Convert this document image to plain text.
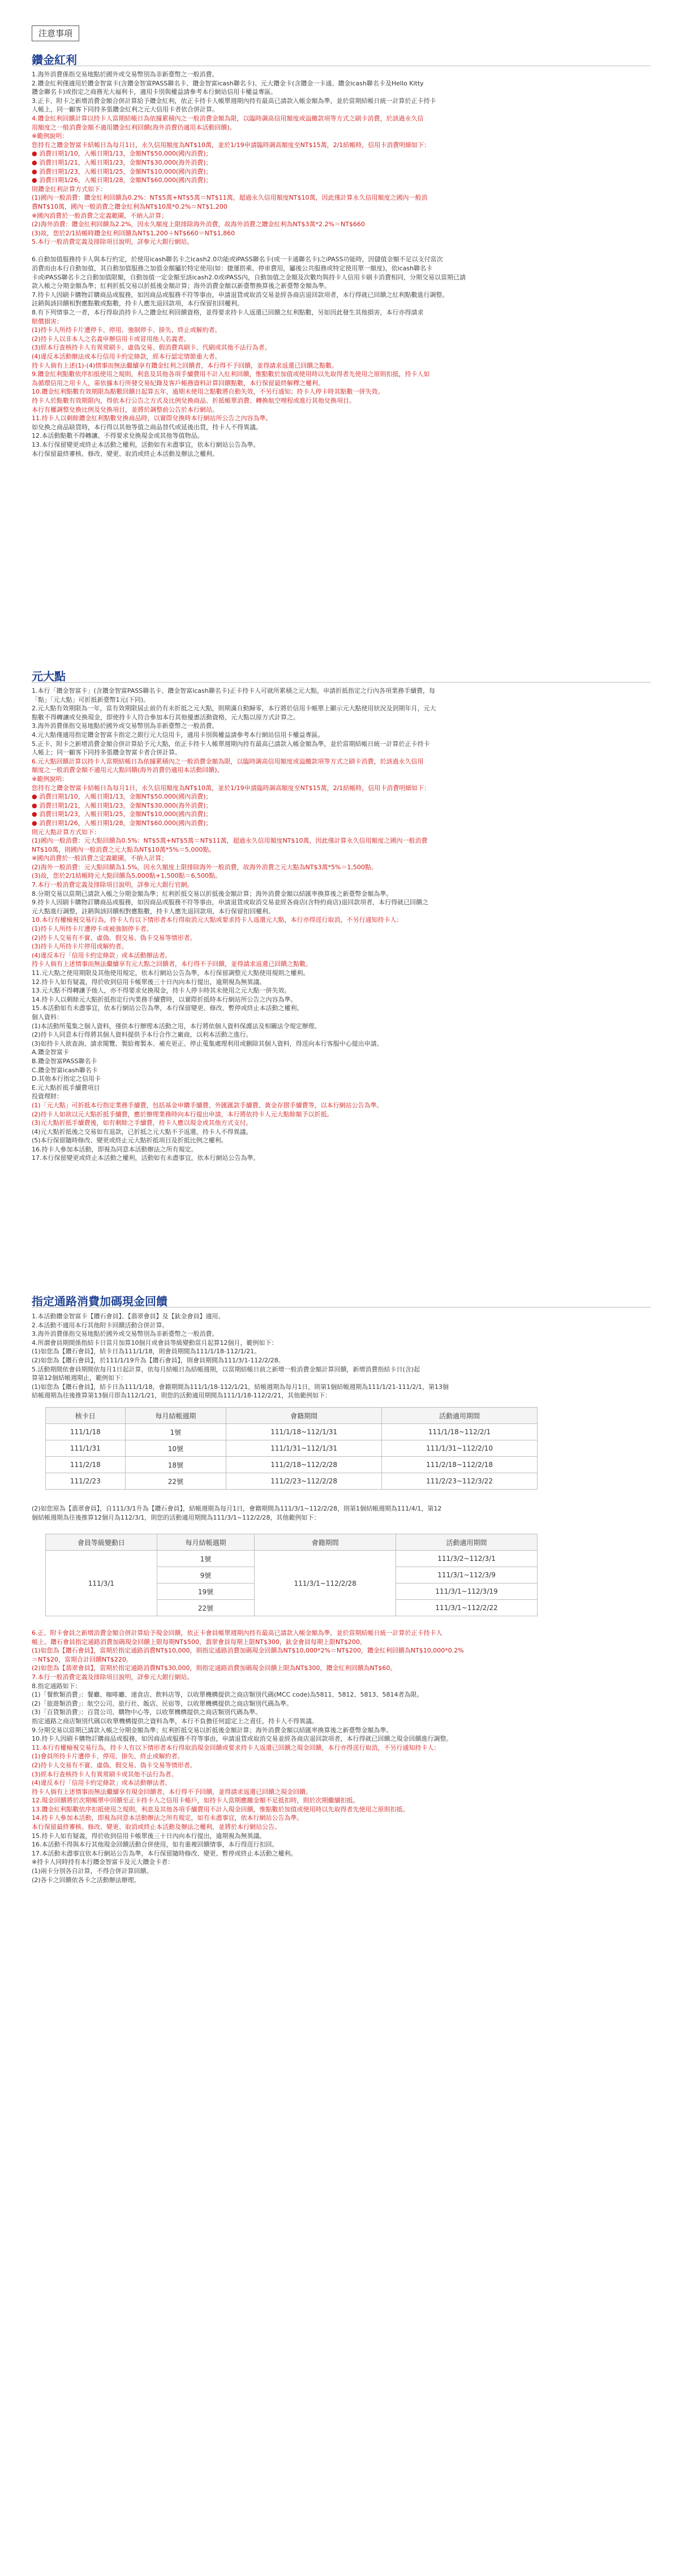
注意事項
鑽金紅利

1.海外消費係指交易地點於國外或交易幣別為非新臺幣之一般消費。

2.鑽金紅利僅適用於鑽金智富卡(含鑽金智富PASS聯名卡、鑽金智富icash聯名卡)、元大鑽金卡(含鑽金一卡通、鑽金icash聯名卡及Hello Kitty

鑽金聯名卡)或指定之商務光大福利卡，適用卡別與權益請參考本行網站信用卡權益專區。

3.正卡、附卡之新增消費金額合併計算給予鑽金紅利，依正卡持卡人帳單週期內持有最高已請款入帳金額為準，並於當期結帳日統一計算於正卡持卡

人帳上，同一顧客下同持多張鑽金紅利之元大信用卡者依合併計算。

4.鑽金紅利回饋計算以持卡人當期結帳日為依據累積內之一般消費金額為限，以臨時調高信用額度或溢繳款項等方式之刷卡消費，於該過永久信

用額度之一般消費金額不適用鑽金紅利回饋(海外消費仍適用本活動回饋)。

※範例說明：

您持有之鑽金智富卡結帳日為每月1日，永久信用額度為NT$10萬，並於1/19申請臨時調高額度至NT$15萬，2/1結帳時，信用卡消費明細如下：

● 消費日期1/10，入帳日期1/13，金額NT$50,000(國內消費)；

● 消費日期1/21，入帳日期1/23，金額NT$30,000(海外消費)；

● 消費日期1/23，入帳日期1/25，金額NT$10,000(國內消費)；

● 消費日期1/26，入帳日期1/28，金額NT$60,000(國內消費)；

則鑽金紅利計算方式如下：

(1)國內一般消費：鑽金紅利回饋為0.2%：NT$5萬+NT$5萬＝NT$11萬，超過永久信用額度NT$10萬，因此僅計算永久信用額度之國內一般消

費NT$10萬，國內一般消費之鑽金紅利為NT$10萬*0.2%＝NT$1,200

※國內消費於一般消費之定義範圍，不納入計算；

(2)海外消費：鑽金紅利回饋為2.2%，因永久額度上限排除海外消費，故海外消費之鑽金紅利為NT$3萬*2.2%＝NT$660

(3)故，您於2/1結帳時鑽金紅利回饋為NT$1,200＋NT$660＝NT$1,860

5.本行一般消費定義及排除項目說明，詳參元大銀行網站。

6.自動加值服務持卡人與本行約定，於使用icash聯名卡之icash2.0功能或iPASS聯名卡(或一卡通聯名卡)之iPASS功能時，因儲值金額不足以支付當次

消費而由本行自動加值，其自動加值服務之加值金額屬於特定使用(如：捷運搭乘、停車費用，屬後公共服務或特定使用單一額度)，依icash聯名卡

卡或iPASS聯名卡之自動加值限額，自動加值一定金額至該icash2.0或iPASS內，自動加值之金額及次數均與持卡人信用卡刷卡消費相同，分期交易以當期已請

款入帳之分期金額為準；紅利折抵交易以折抵後金額計算；海外消費金額以新臺幣換算後之新臺幣金額為準。

7.持卡人因刷卡購物訂購商品或服務，如因商品或服務不符等事由，申請退貨或取消交易並經各商店退回款項者，本行得就已回饋之紅利點數進行調整。

註銷與該回饋相對應點數或點數，持卡人應先退回款項，本行保留扣回權利。

8.有下列情事之一者，本行得取消持卡人之鑽金紅利回饋資格，並得要求持卡人返還已回饋之紅利點數，另如因此發生其他損害，本行亦得請求

賠償損害：

(1)持卡人所持卡片遭停卡、停用、強制停卡、掛失、終止或解約者。

(2)持卡人以非本人之名義申辦信用卡或冒用他人名義者。

(3)經本行查核持卡人有異常刷卡、虛偽交易、假消費真刷卡、代刷或其他不法行為者。

(4)違反本活動辦法或本行信用卡約定條款，經本行認定情節重大者。

持卡人倘有上述(1)-(4)情事而無法繼續享有鑽金紅利之回饋者，本行得不予回饋，並得請求返還已回饋之點數。

9.鑽金紅利點數依序扣抵使用之規則，利息及其他各項手續費用不計入紅利回饋，惟點數於加值或使用時以先取得者先使用之原則扣抵，持卡人如

為循環信用之用卡人，需依據本行所發交易紀錄及客戶帳務資料計算回饋點數，本行保留最終解釋之權利。

10.鑽金紅利點數有效期限為點數回饋日起算五年，逾期未使用之點數將自動失效，不另行通知；持卡人停卡時其點數一併失效。

持卡人於點數有效期限內，得依本行公告之方式及比例兌換商品、折抵帳單消費、轉換航空哩程或進行其他兌換項目。

本行有權調整兌換比例及兌換項目，並將於調整前公告於本行網站。

11.持卡人以剩餘鑽金紅利點數兌換商品時，以實際兌換時本行網站所公告之內容為準。

如兌換之商品缺貨時，本行得以其他等值之商品替代或延後出貨，持卡人不得異議。

12.本活動點數不得轉讓、不得要求兌換現金或其他等值物品。

13.本行保留變更或終止本活動之權利，活動如有未盡事宜，依本行網站公告為準。

本行保留最終審核、修改、變更、取消或終止本活動及辦法之權利。

元大點

1.本行「鑽金智富卡」(含鑽金智富PASS聯名卡、鑽金智富icash聯名卡)正卡持卡人可就所累積之元大點，申請折抵指定之行內各項業務手續費，每

「點」「元大點」可折抵新臺幣1元(下同)。

2.元大點有效期限為一年，當有效期限屆止前仍有未折抵之元大點，則期滿自動歸零，本行將於信用卡帳單上顯示元大點使用狀況及到期年月，元大

點數不得轉讓或兌換現金，即使持卡人符合參加本行其他優惠活動資格，元大點以原方式計算之。

3.海外消費係指交易地點於國外或交易幣別為非新臺幣之一般消費。

4.元大點僅適用指定鑽金智富卡指定之銀行元大信用卡，適用卡別與權益請參考本行網站信用卡權益專區。

5.正卡、附卡之新增消費金額合併計算給予元大點，依正卡持卡人帳單週期內持有最高已請款入帳金額為準，並於當期結帳日統一計算於正卡持卡

人帳上；同一顧客下同持多張鑽金智富卡者合併計算。

6.元大點回饋計算以持卡人當期結帳日為依據累積內之一般消費金額為限，以臨時調高信用額度或溢繳款項等方式之刷卡消費，於該過永久信用

額度之一般消費金額不適用元大點回饋(海外消費仍適用本活動回饋)。

※範例說明：

您持有之鑽金智富卡結帳日為每月1日，永久信用額度為NT$10萬，並於1/19申請臨時調高額度至NT$15萬，2/1結帳時，信用卡消費明細如下：

● 消費日期1/10，入帳日期1/13，金額NT$50,000(國內消費)；

● 消費日期1/21，入帳日期1/23，金額NT$30,000(海外消費)；

● 消費日期1/23，入帳日期1/25，金額NT$10,000(國內消費)；

● 消費日期1/26，入帳日期1/28，金額NT$60,000(國內消費)；

則元大點計算方式如下：

(1)國內一般消費：元大點回饋為0.5%：NT$5萬+NT$5萬＝NT$11萬，超過永久信用額度NT$10萬，因此僅計算永久信用額度之國內一般消費

NT$10萬，則國內一般消費之元大點為NT$10萬*5%＝5,000點。

※國內消費於一般消費之定義範圍，不納入計算；

(2)海外一般消費：元大點回饋為1.5%，因永久額度上限排除海外一般消費，故海外消費之元大點為NT$3萬*5%＝1,500點。

(3)故，您於2/1結帳時元大點回饋為5,000點+1,500點＝6,500點。

7.本行一般消費定義及排除項目說明，詳參元大銀行官網。

8.分期交易以當期已請款入帳之分期金額為準；紅利折抵交易以折抵後金額計算；海外消費金額以結匯率換算後之新臺幣金額為準。

9.持卡人因刷卡購物訂購商品或服務，如因商品或服務不符等事由，申請退貨或取消交易並經各商店(含特約商店)退回款項者，本行得就已回饋之

元大點進行調整，註銷與該回饋相對應點數，持卡人應先退回款項，本行保留扣回權利。

10.本行有權檢視交易行為，持卡人有以下情形者本行得取消元大點或要求持卡人返還元大點，本行亦得逕行取消，不另行通知持卡人：

(1)持卡人所持卡片遭停卡或被強制停卡者。

(2)持卡人交易有不實、虛偽、假交易、偽卡交易等情形者。

(3)持卡人所持卡片停用或解約者。

(4)違反本行「信用卡約定條款」或本活動辦法者。

持卡人倘有上述情事而無法繼續享有元大點之回饋者，本行得不予回饋，並得請求返還已回饋之點數。

11.元大點之使用期限及其他使用規定，依本行網站公告為準，本行保留調整元大點使用規則之權利。

12.持卡人如有疑義，得於收到信用卡帳單後三十日內向本行提出，逾期視為無異議。

13.元大點不得轉讓予他人，亦不得要求兌換現金，持卡人停卡時其未使用之元大點一併失效。

14.持卡人以剩餘元大點折抵指定行內業務手續費時，以實際折抵時本行網站所公告之內容為準。

15.本活動如有未盡事宜，依本行網站公告為準，本行保留變更、修改、暫停或終止本活動之權利。

個人資料：

(1)本活動所蒐集之個人資料，僅供本行辦理本活動之用，本行將依個人資料保護法及相關法令規定辦理。

(2)持卡人同意本行得將其個人資料提供予本行合作之廠商，以利本活動之進行。

(3)如持卡人欲查詢、請求閱覽、製給複製本、補充更正、停止蒐集處理利用或刪除其個人資料，得逕向本行客服中心提出申請。

A.鑽金智富卡

B.鑽金智富PASS聯名卡

C.鑽金智富icash聯名卡

D.其他本行指定之信用卡

E.元大點折抵手續費項目

投資理財：

(1)「元大點」可折抵本行指定業務手續費，包括基金申購手續費、外匯匯款手續費、黃金存摺手續費等，以本行網站公告為準。

(2)持卡人如欲以元大點折抵手續費，應於辦理業務時向本行提出申請，本行將依持卡人元大點餘額予以折抵。

(3)元大點折抵手續費後，如有剩餘之手續費，持卡人應以現金或其他方式支付。

(4)元大點折抵後之交易如有退款，已折抵之元大點不予返還，持卡人不得異議。

(5)本行保留隨時修改、變更或終止元大點折抵項目及折抵比例之權利。

16.持卡人參加本活動，即視為同意本活動辦法之所有規定。

17.本行保留變更或終止本活動之權利，活動如有未盡事宜，依本行網站公告為準。

指定通路消費加碼現金回饋

1.本活動鑽金智富卡【鑽石會員】、【翡翠會員】及【鈦金會員】適用。

2.本活動不適用本行其他附卡回饋活動合併計算。

3.海外消費係指交易地點於國外或交易幣別為非新臺幣之一般消費。

4.所謂會員期間係指結卡日當月加算10個月或會員等級變動當月起算12個月，範例如下：

(1)如您為【鑽石會員】，結卡日為111/1/18，則會員期間為111/1/18-112/1/21。

(2)如您為【鑽石會員】，於111/1/19升為【鑽石會員】，則會員期間為111/3/1-112/2/28。

5.活動期間依會員期間依每月1日起計算，依每月結帳日為結帳週期，以當期結帳日前之新增一般消費金額計算回饋，新增消費指結卡日(含)起

算第12個結帳週期止，範例如下：

(1)如您為【鑽石會員】，結卡日為111/1/18，會籍期間為111/1/18-112/1/21，結帳週期為每月1日，則第1個結帳週期為111/1/21-111/2/1，第13個

結帳週期為往後推算第13個月即為112/1/21，則您的活動適用期間為111/1/18-112/2/21，其他範例如下：

核卡日	每月結帳週期	會籍期間	活動適用期間
111/1/18	1號	111/1/18~112/1/31	111/1/18~112/2/1
111/1/31	10號	111/1/31~112/1/31	111/1/31~112/2/10
111/2/18	18號	111/2/18~112/2/28	111/2/18~112/2/18
111/2/23	22號	111/2/23~112/2/28	111/2/23~112/3/22

(2)如您原為【翡翠會員】，自111/3/1升為【鑽石會員】，結帳週期為每月1日，會籍期間為111/3/1~112/2/28，則第1個結帳週期為111/4/1，第12

個結帳週期為往後推算12個月為112/3/1，則您的活動適用期間為111/3/1~112/2/28，其他範例如下：

會員等級變動日	每月結帳週期	會籍期間	活動適用期間
111/3/1	1號	111/3/1~112/2/28	111/3/2~112/3/1
	9號		111/3/1~112/3/9
	19號		111/3/1~112/3/19
	22號		111/3/1~112/2/22

6.正、附卡會員之新增消費金額合併計算給予現金回饋，依正卡會員帳單週期內持有最高已請款入帳金額為準，並於當期結帳日統一計算於正卡持卡人

帳上。鑽石會員指定通路消費加碼現金回饋上限每期NT$500，翡翠會員每期上限NT$300，鈦金會員每期上限NT$200。

(1)如您為【鑽石會員】，當期於指定通路消費NT$10,000，則指定通路消費加碼現金回饋為NT$10,000*2%＝NT$200，鑽金紅利回饋為NT$10,000*0.2%

＝NT$20，當期合計回饋NT$220。

(2)如您為【翡翠會員】，當期於指定通路消費NT$30,000，則指定通路消費加碼現金回饋上限為NT$300，鑽金紅利回饋為NT$60。

7.本行一般消費定義及排除項目說明，詳參元大銀行網站。

8.指定通路如下：

(1)「餐飲類消費」：餐廳、咖啡廳、速食店、飲料店等，以收單機構提供之商店類別代碼(MCC code)為5811、5812、5813、5814者為限。

(2)「旅遊類消費」：航空公司、旅行社、飯店、民宿等，以收單機構提供之商店類別代碼為準。

(3)「百貨類消費」：百貨公司、購物中心等，以收單機構提供之商店類別代碼為準。

指定通路之商店類別代碼以收單機構提供之資料為準，本行不負擔任何認定上之責任，持卡人不得異議。

9.分期交易以當期已請款入帳之分期金額為準；紅利折抵交易以折抵後金額計算；海外消費金額以結匯率換算後之新臺幣金額為準。

10.持卡人因刷卡購物訂購商品或服務，如因商品或服務不符等事由，申請退貨或取消交易並經各商店退回款項者，本行得就已回饋之現金回饋進行調整。

11.本行有權檢視交易行為，持卡人有以下情形者本行得取消現金回饋或要求持卡人返還已回饋之現金回饋，本行亦得逕行取消，不另行通知持卡人：

(1)會員所持卡片遭停卡、停用、掛失、終止或解約者。

(2)持卡人交易有不實、虛偽、假交易、偽卡交易等情形者。

(3)經本行查核持卡人有異常刷卡或其他不法行為者。

(4)違反本行「信用卡約定條款」或本活動辦法者。

持卡人倘有上述情事而無法繼續享有現金回饋者，本行得不予回饋，並得請求返還已回饋之現金回饋。

12.現金回饋將於次期帳單中回饋至正卡持卡人之信用卡帳戶，如持卡人當期應繳金額不足抵扣時，則於次期繼續扣抵。

13.鑽金紅利點數依序扣抵使用之規則，利息及其他各項手續費用不計入現金回饋，惟點數於加值或使用時以先取得者先使用之原則扣抵。

14.持卡人參加本活動，即視為同意本活動辦法之所有規定，如有未盡事宜，依本行網站公告為準。

本行保留最終審核、修改、變更、取消或終止本活動及辦法之權利，並將於本行網站公告。

15.持卡人如有疑義，得於收到信用卡帳單後三十日內向本行提出，逾期視為無異議。

16.本活動不得與本行其他現金回饋活動合併使用，如有重複回饋情事，本行得逕行扣回。

17.本活動未盡事宜依本行網站公告為準，本行保留隨時修改、變更、暫停或終止本活動之權利。

※持卡人同時持有本行鑽金智富卡及元大鑽金卡者：

(1)兩卡分別各自計算，不得合併計算回饋。

(2)各卡之回饋依各卡之活動辦法辦理。
